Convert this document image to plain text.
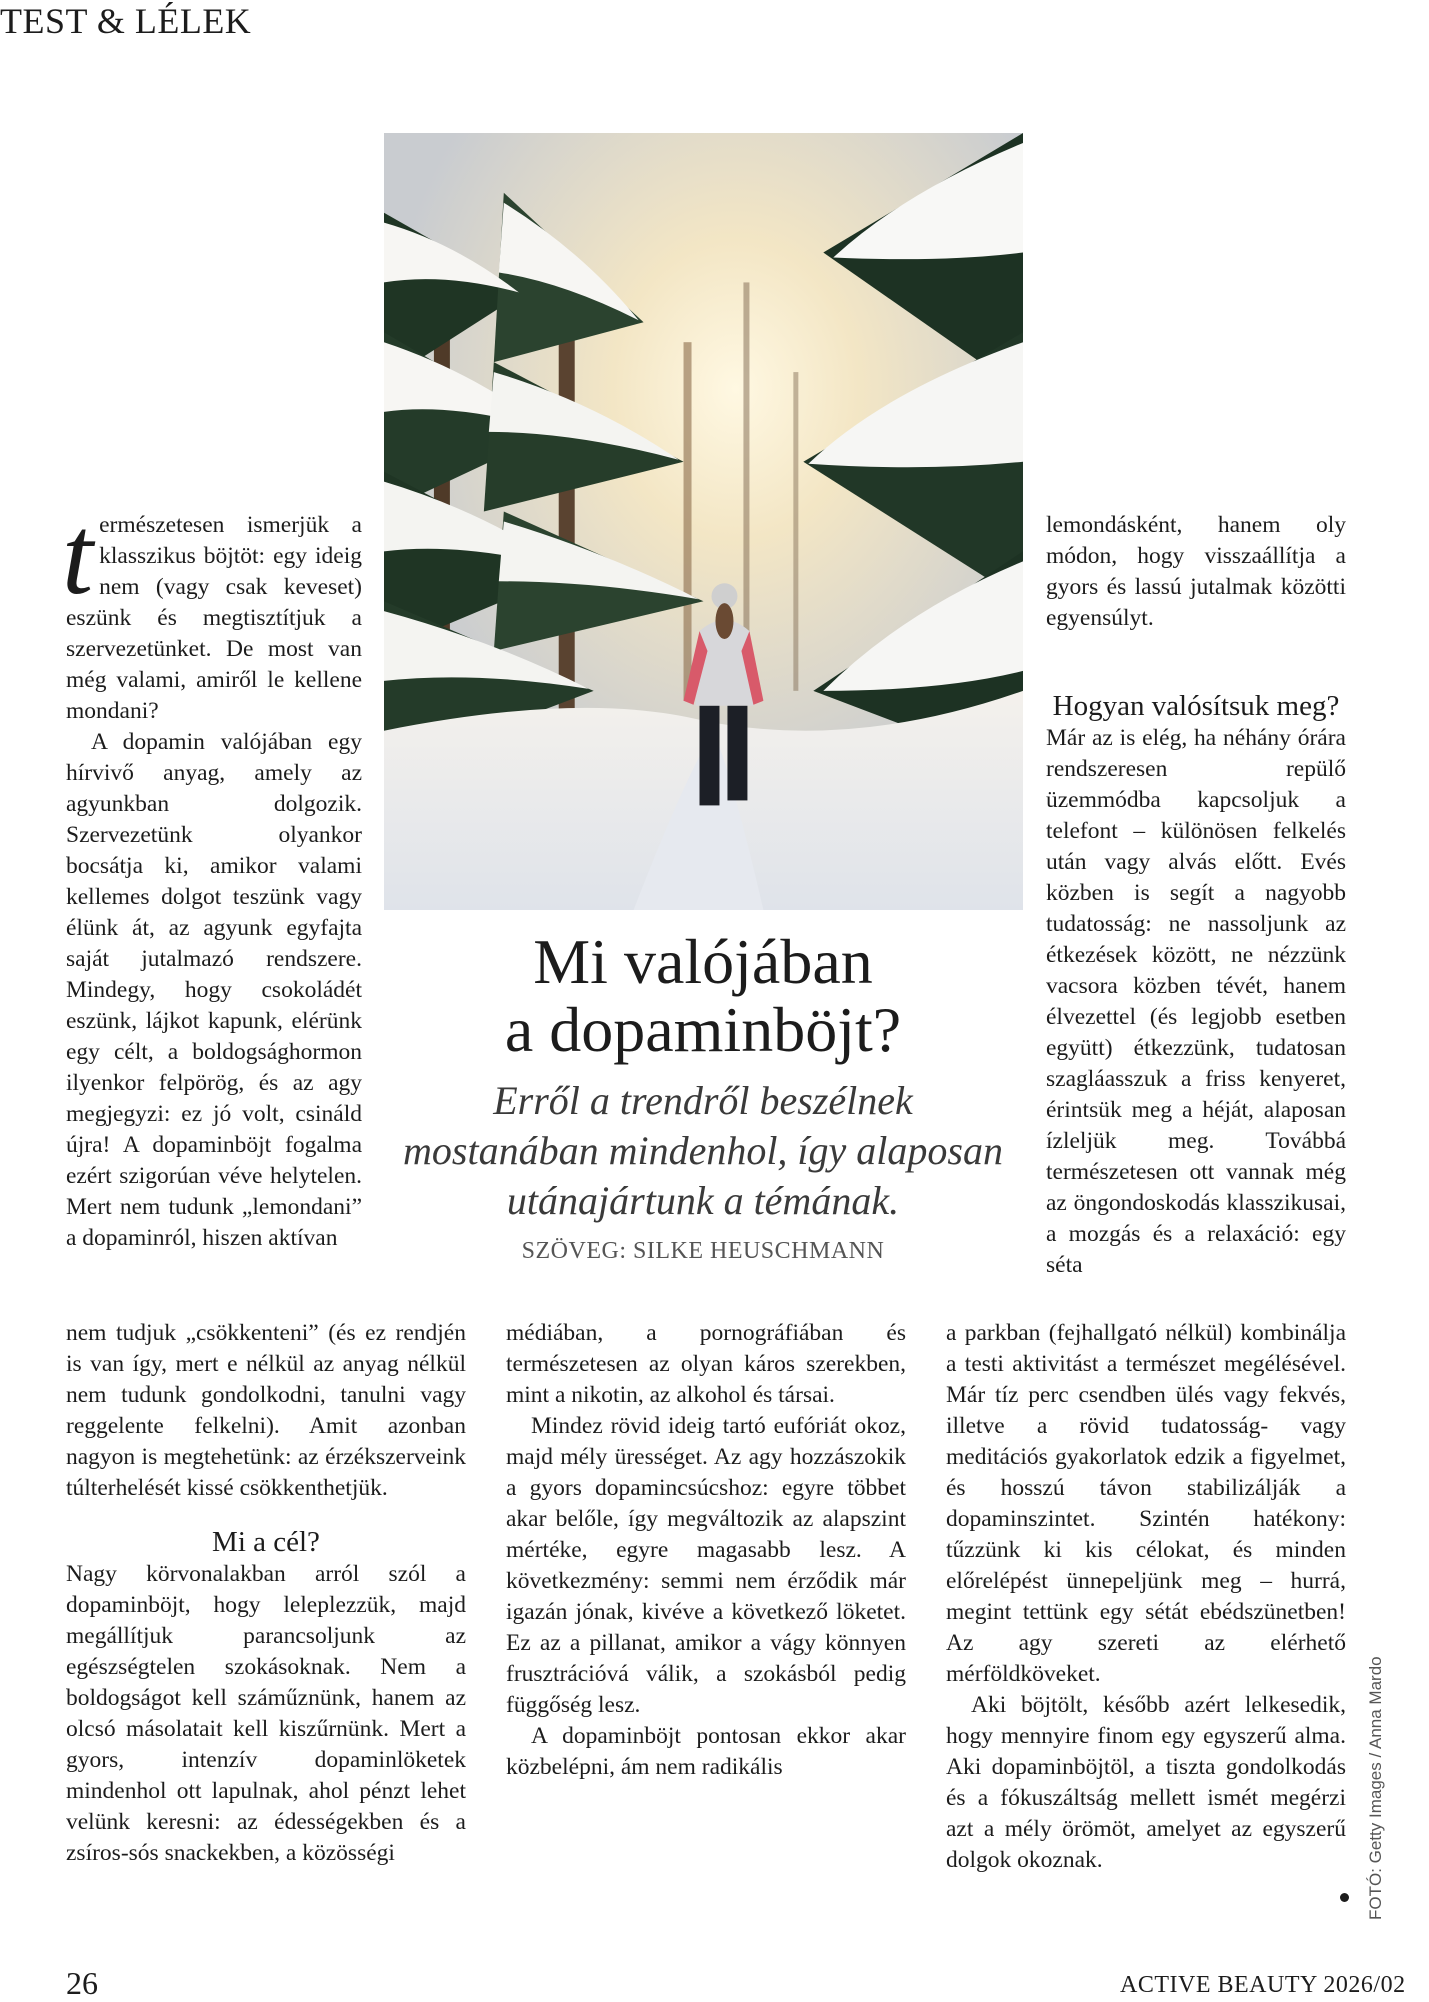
TEST & LÉLEK
Mi valójában
a dopaminböjt?
Erről a trendről beszélnek mostanában mindenhol, így alaposan utánajártunk a témának.
SZÖVEG: SILKE HEUSCHMANN

természetesen ismerjük a klasszikus böjtöt: egy ideig nem (vagy csak keveset) eszünk és megtisztítjuk a szervezetünket. De most van még valami, amiről le kellene mondani?

A dopamin valójában egy hírvivő anyag, amely az agyunkban dolgozik. Szervezetünk olyankor bocsátja ki, amikor valami kellemes dolgot teszünk vagy élünk át, az agyunk egyfajta saját jutalmazó rendszere. Mindegy, hogy csokoládét eszünk, lájkot kapunk, elérünk egy célt, a boldogsághormon ilyenkor felpörög, és az agy megjegyzi: ez jó volt, csináld újra! A dopaminböjt fogalma ezért szigorúan véve helytelen. Mert nem tudunk „lemondani” a dopaminról, hiszen aktívan

nem tudjuk „csökkenteni” (és ez rendjén is van így, mert e nélkül az anyag nélkül nem tudunk gondolkodni, tanulni vagy reggelente felkelni). Amit azonban nagyon is megtehetünk: az érzékszerveink túlterhelését kissé csökkenthetjük.

Mi a cél?

Nagy körvonalakban arról szól a dopaminböjt, hogy leleplezzük, majd megállítjuk parancsoljunk az egészségtelen szokásoknak. Nem a boldogságot kell száműznünk, hanem az olcsó másolatait kell kiszűrnünk. Mert a gyors, intenzív dopaminlöketek mindenhol ott lapulnak, ahol pénzt lehet velünk keresni: az édességekben és a zsíros-sós snackekben, a közösségi

médiában, a pornográfiában és természetesen az olyan káros szerekben, mint a nikotin, az alkohol és társai.

Mindez rövid ideig tartó eufóriát okoz, majd mély ürességet. Az agy hozzászokik a gyors dopamincsúcshoz: egyre többet akar belőle, így megváltozik az alapszint mértéke, egyre magasabb lesz. A következmény: semmi nem érződik már igazán jónak, kivéve a következő löketet. Ez az a pillanat, amikor a vágy könnyen frusztrációvá válik, a szokásból pedig függőség lesz.

A dopaminböjt pontosan ekkor akar közbelépni, ám nem radikális

lemondásként, hanem oly módon, hogy visszaállítja a gyors és lassú jutalmak közötti egyensúlyt.

Hogyan valósítsuk meg?

Már az is elég, ha néhány órára rendszeresen repülő üzemmódba kapcsoljuk a telefont – különösen felkelés után vagy alvás előtt. Evés közben is segít a nagyobb tudatosság: ne nassoljunk az étkezések között, ne nézzünk vacsora közben tévét, hanem élvezettel (és legjobb esetben együtt) étkezzünk, tudatosan szagláasszuk a friss kenyeret, érintsük meg a héját, alaposan ízleljük meg. Továbbá természetesen ott vannak még az öngondoskodás klasszikusai, a mozgás és a relaxáció: egy séta

a parkban (fejhallgató nélkül) kombinálja a testi aktivitást a természet megélésével. Már tíz perc csendben ülés vagy fekvés, illetve a rövid tudatosság- vagy meditációs gyakorlatok edzik a figyelmet, és hosszú távon stabilizálják a dopaminszintet. Szintén hatékony: tűzzünk ki kis célokat, és minden előrelépést ünnepeljünk meg – hurrá, megint tettünk egy sétát ebédszünetben! Az agy szereti az elérhető mérföldköveket.

Aki böjtölt, később azért lelkesedik, hogy mennyire finom egy egyszerű alma. Aki dopaminböjtöl, a tiszta gondolkodás és a fókuszáltság mellett ismét megérzi azt a mély örömöt, amelyet az egyszerű dolgok okoznak.	FOTÓ: Getty Images / Anna Mardo
26	ACTIVE BEAUTY 2026/02
